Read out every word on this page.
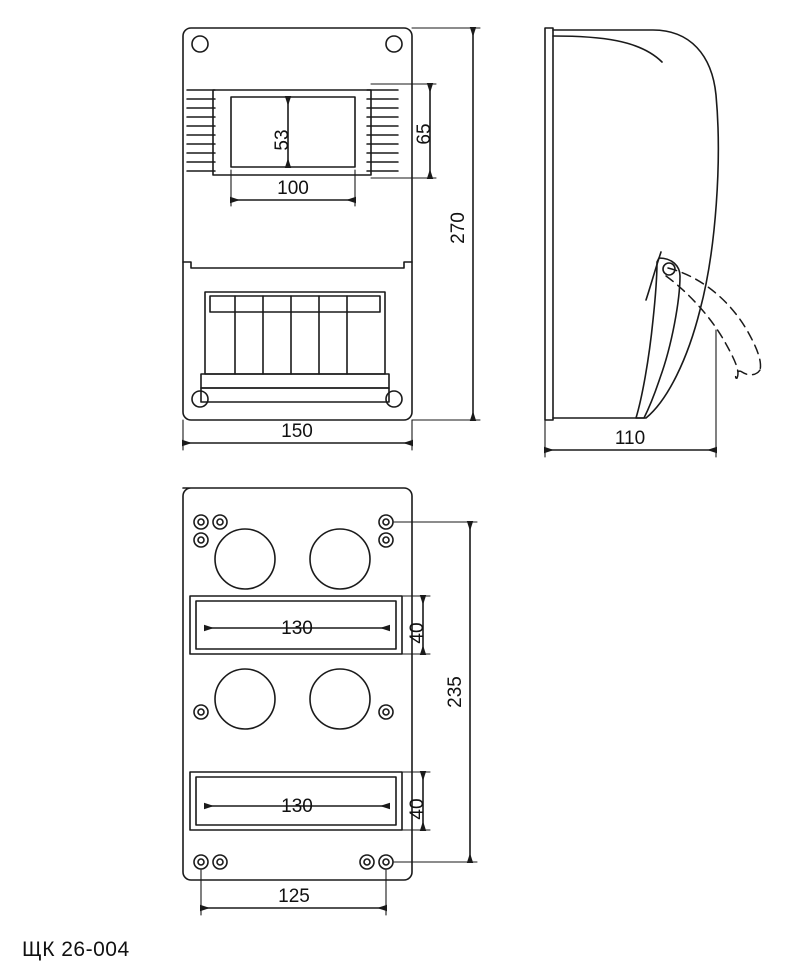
53
100
65
270
150	110
130	40
130	40
235
125
ЩК 26-004
